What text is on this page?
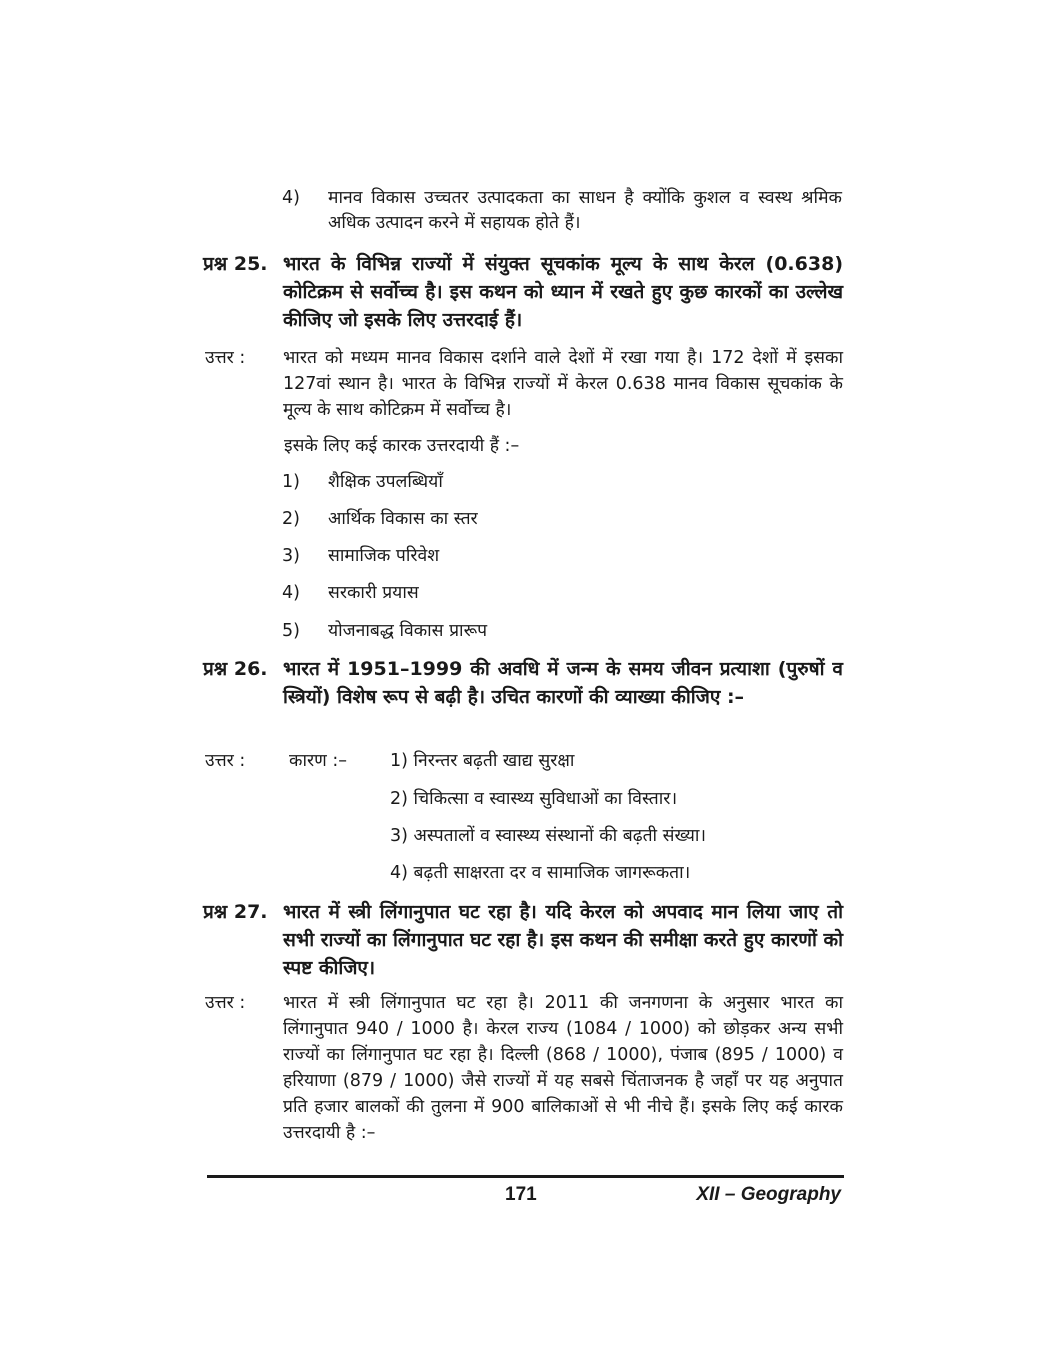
4)	मानव विकास उच्चतर उत्पादकता का साधन है क्योंकि कुशल व स्वस्थ श्रमिक अधिक उत्पादन करने में सहायक होते हैं।
प्रश्न 25. भारत के विभिन्न राज्यों में संयुक्त सूचकांक मूल्य के साथ केरल (0.638) कोटिक्रम से सर्वोच्च है। इस कथन को ध्यान में रखते हुए कुछ कारकों का उल्लेख कीजिए जो इसके लिए उत्तरदाई हैं।
उत्तर : भारत को मध्यम मानव विकास दर्शाने वाले देशों में रखा गया है। 172 देशों में इसका 127वां स्थान है। भारत के विभिन्न राज्यों में केरल 0.638 मानव विकास सूचकांक के मूल्य के साथ कोटिक्रम में सर्वोच्च है।
इसके लिए कई कारक उत्तरदायी हैं :–
1)	शैक्षिक उपलब्धियाँ
2)	आर्थिक विकास का स्तर
3)	सामाजिक परिवेश
4)	सरकारी प्रयास
5)	योजनाबद्ध विकास प्रारूप
प्रश्न 26. भारत में 1951–1999 की अवधि में जन्म के समय जीवन प्रत्याशा (पुरुषों व स्त्रियों) विशेष रूप से बढ़ी है। उचित कारणों की व्याख्या कीजिए :–
उत्तर : कारण :– 1) निरन्तर बढ़ती खाद्य सुरक्षा
2) चिकित्सा व स्वास्थ्य सुविधाओं का विस्तार।
3) अस्पतालों व स्वास्थ्य संस्थानों की बढ़ती संख्या।
4) बढ़ती साक्षरता दर व सामाजिक जागरूकता।
प्रश्न 27. भारत में स्त्री लिंगानुपात घट रहा है। यदि केरल को अपवाद मान लिया जाए तो सभी राज्यों का लिंगानुपात घट रहा है। इस कथन की समीक्षा करते हुए कारणों को स्पष्ट कीजिए।
उत्तर : भारत में स्त्री लिंगानुपात घट रहा है। 2011 की जनगणना के अनुसार भारत का लिंगानुपात 940 / 1000 है। केरल राज्य (1084 / 1000) को छोड़कर अन्य सभी राज्यों का लिंगानुपात घट रहा है। दिल्ली (868 / 1000), पंजाब (895 / 1000) व हरियाणा (879 / 1000) जैसे राज्यों में यह सबसे चिंताजनक है जहाँ पर यह अनुपात प्रति हजार बालकों की तुलना में 900 बालिकाओं से भी नीचे हैं। इसके लिए कई कारक उत्तरदायी है :–
171	XII – Geography
